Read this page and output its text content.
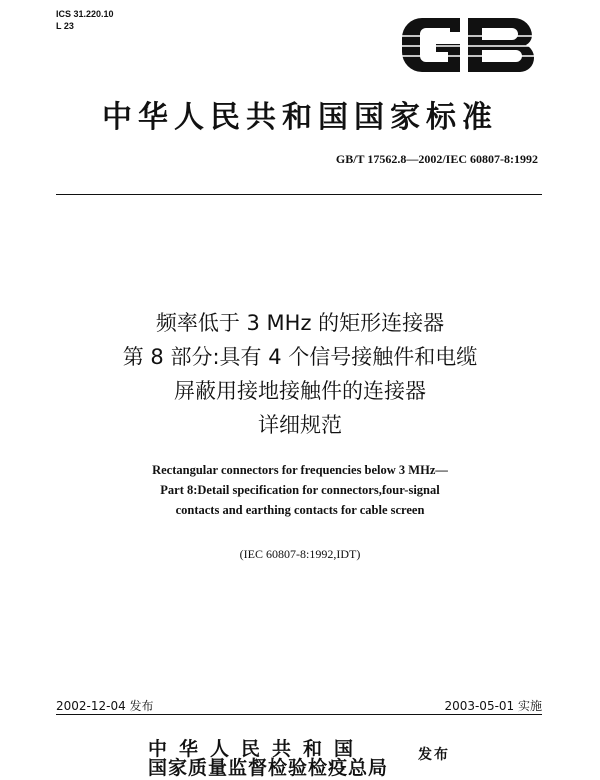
ICS 31.220.10
L 23
中华人民共和国国家标准
GB/T 17562.8—2002/IEC 60807-8:1992
频率低于 3 MHz 的矩形连接器
第 8 部分:具有 4 个信号接触件和电缆
屏蔽用接地接触件的连接器
详细规范
Rectangular connectors for frequencies below 3 MHz—
Part 8:Detail specification for connectors,four-signal
contacts and earthing contacts for cable screen
(IEC 60807-8:1992,IDT)
2002-12-04 发布	2003-05-01 实施
中华人民共和国
国家质量监督检验检疫总局
发布
